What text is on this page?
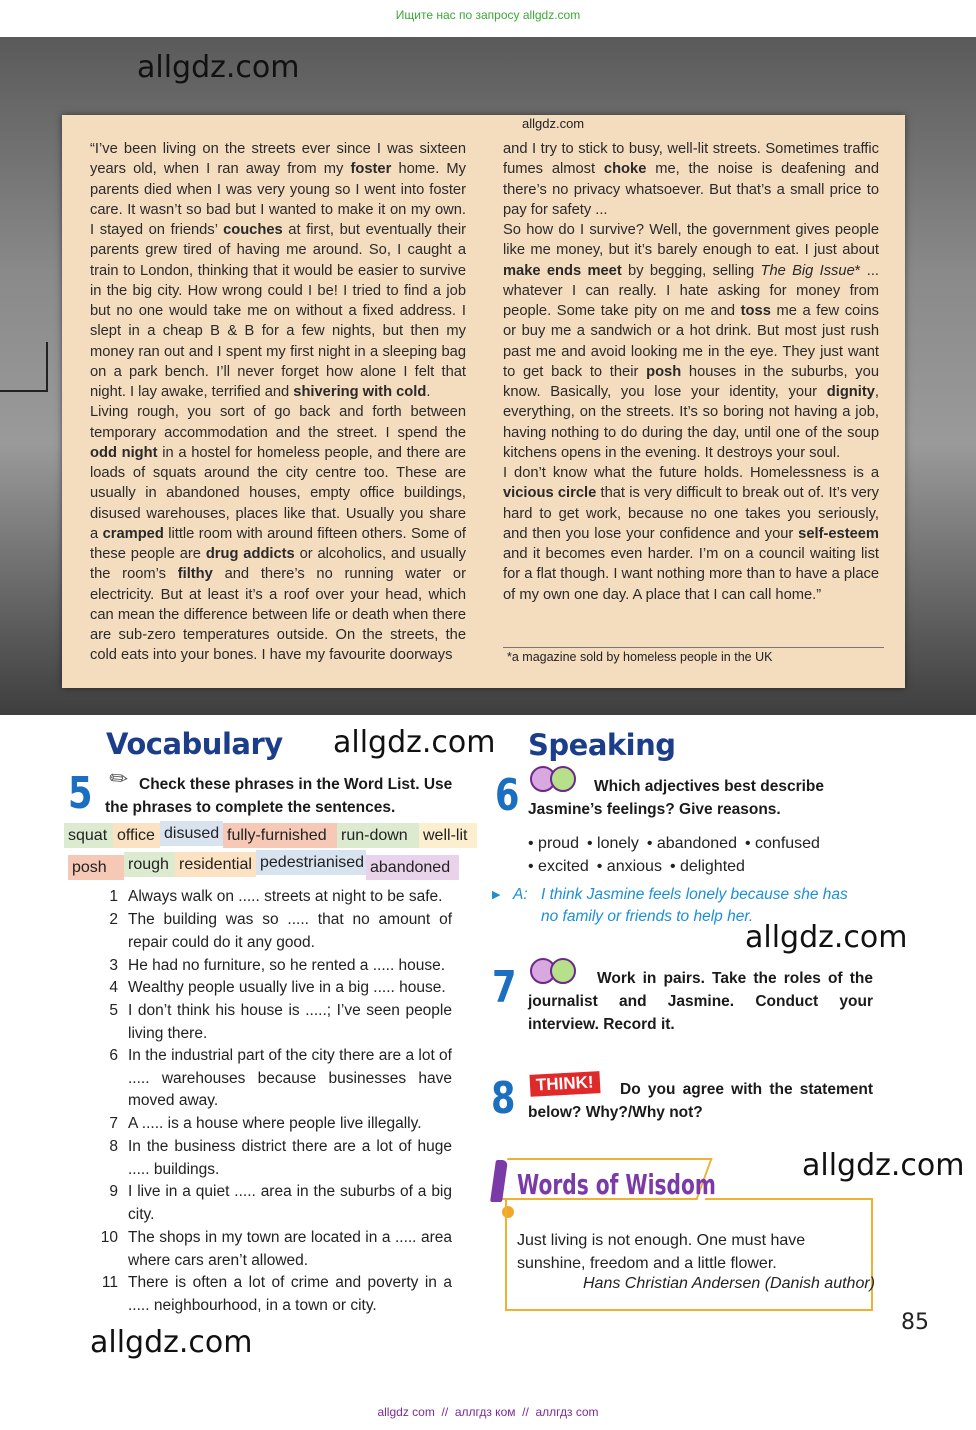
Ищите нас по запросу allgdz.com
allgdz.com
allgdz.com

“I’ve been living on the streets ever since I was sixteen years old, when I ran away from my foster home. My parents died when I was very young so I went into foster care. It wasn’t so bad but I wanted to make it on my own. I stayed on friends’ couches at first, but eventually their parents grew tired of having me around. So, I caught a train to London, thinking that it would be easier to survive in the big city. How wrong could I be! I tried to find a job but no one would take me on without a fixed address. I slept in a cheap B & B for a few nights, but then my money ran out and I spent my first night in a sleeping bag on a park bench. I’ll never forget how alone I felt that night. I lay awake, terrified and shivering with cold.

Living rough, you sort of go back and forth between temporary accommodation and the street. I spend the odd night in a hostel for homeless people, and there are loads of squats around the city centre too. These are usually in abandoned houses, empty office buildings, disused warehouses, places like that. Usually you share a cramped little room with around fifteen others. Some of these people are drug addicts or alcoholics, and usually the room’s filthy and there’s no running water or electricity. But at least it’s a roof over your head, which can mean the difference between life or death when there are sub-zero temperatures outside. On the streets, the cold eats into your bones. I have my favourite doorways

and I try to stick to busy, well-lit streets. Sometimes traffic fumes almost choke me, the noise is deafening and there’s no privacy whatsoever. But that’s a small price to pay for safety ...

So how do I survive? Well, the government gives people like me money, but it’s barely enough to eat. I just about make ends meet by begging, selling The Big Issue* ... whatever I can really. I hate asking for money from people. Some take pity on me and toss me a few coins or buy me a sandwich or a hot drink. But most just rush past me and avoid looking me in the eye. They just want to get back to their posh houses in the suburbs, you know. Basically, you lose your identity, your dignity, everything, on the streets. It’s so boring not having a job, having nothing to do during the day, until one of the soup kitchens opens in the evening. It destroys your soul.

I don’t know what the future holds. Homelessness is a vicious circle that is very difficult to break out of. It’s very hard to get work, because no one takes you seriously, and then you lose your confidence and your self-esteem and it becomes even harder. I’m on a council waiting list for a flat though. I want nothing more than to have a place of my own one day. A place that I can call home.”

*a magazine sold by homeless people in the UK
Vocabulary allgdz.com
5 ✎ Check these phrases in the Word List. Use the phrases to complete the sentences.
squat office disused fully-furnished run-down well-lit
posh	rough residential pedestrianised abandoned
1 Always walk on ..... streets at night to be safe.
2 The building was so ..... that no amount of repair could do it any good.
3 He had no furniture, so he rented a ..... house.
4 Wealthy people usually live in a big ..... house.
5 I don’t think his house is .....; I’ve seen people living there.
6 In the industrial part of the city there are a lot of ..... warehouses because businesses have moved away.
7 A ..... is a house where people live illegally.
8 In the business district there are a lot of huge ..... buildings.
9 I live in a quiet ..... area in the suburbs of a big city.
10 The shops in my town are located in a ..... area where cars aren’t allowed.
11 There is often a lot of crime and poverty in a ..... neighbourhood, in a town or city.
allgdz.com
Speaking
6	Which adjectives best describe Jasmine’s feelings? Give reasons.
• proud • lonely • abandoned • confused
• excited • anxious • delighted
▶ A: I think Jasmine feels lonely because she has no family or friends to help her.
allgdz.com
7	Work in pairs. Take the roles of the journalist and Jasmine. Conduct your interview. Record it.
8	THINK!	Do you agree with the statement below? Why?/Why not?
Words of Wisdom
Just living is not enough. One must have sunshine, freedom and a little flower.
Hans Christian Andersen (Danish author)
allgdz.com
85
allgdz com  //  аллгдз ком  //  аллгдз com
